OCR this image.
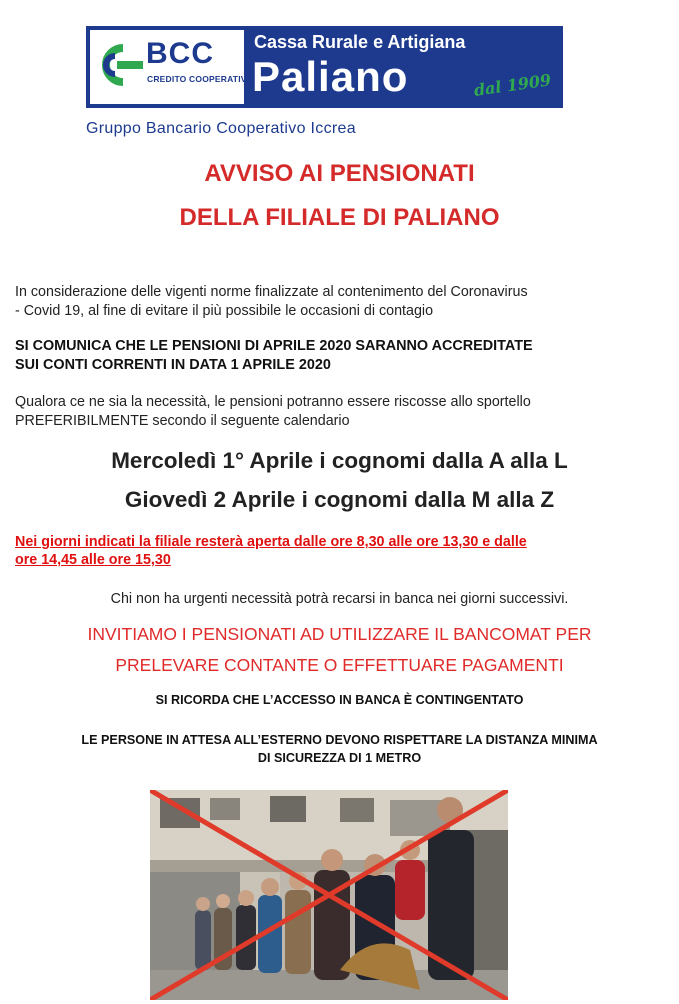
BCC
CREDITO COOPERATIVO
Cassa Rurale e Artigiana
Paliano	dal 1909
Gruppo Bancario Cooperativo Iccrea
AVVISO AI PENSIONATI
DELLA FILIALE DI PALIANO
In considerazione delle vigenti norme finalizzate al contenimento del Coronavirus
- Covid 19, al fine di evitare il più possibile le occasioni di contagio
SI COMUNICA CHE LE PENSIONI DI APRILE 2020 SARANNO ACCREDITATE
SUI CONTI CORRENTI IN DATA 1 APRILE 2020
Qualora ce ne sia la necessità, le pensioni potranno essere riscosse allo sportello
PREFERIBILMENTE secondo il seguente calendario
Mercoledì 1° Aprile i cognomi dalla A alla L
Giovedì 2 Aprile i cognomi dalla M alla Z
Nei giorni indicati la filiale resterà aperta dalle ore 8,30 alle ore 13,30 e dalle
ore 14,45 alle ore 15,30
Chi non ha urgenti necessità potrà recarsi in banca nei giorni successivi.
INVITIAMO I PENSIONATI AD UTILIZZARE IL BANCOMAT PER
PRELEVARE CONTANTE O EFFETTUARE PAGAMENTI
SI RICORDA CHE L’ACCESSO IN BANCA È CONTINGENTATO
LE PERSONE IN ATTESA ALL’ESTERNO DEVONO RISPETTARE LA DISTANZA MINIMA
DI SICUREZZA DI 1 METRO
